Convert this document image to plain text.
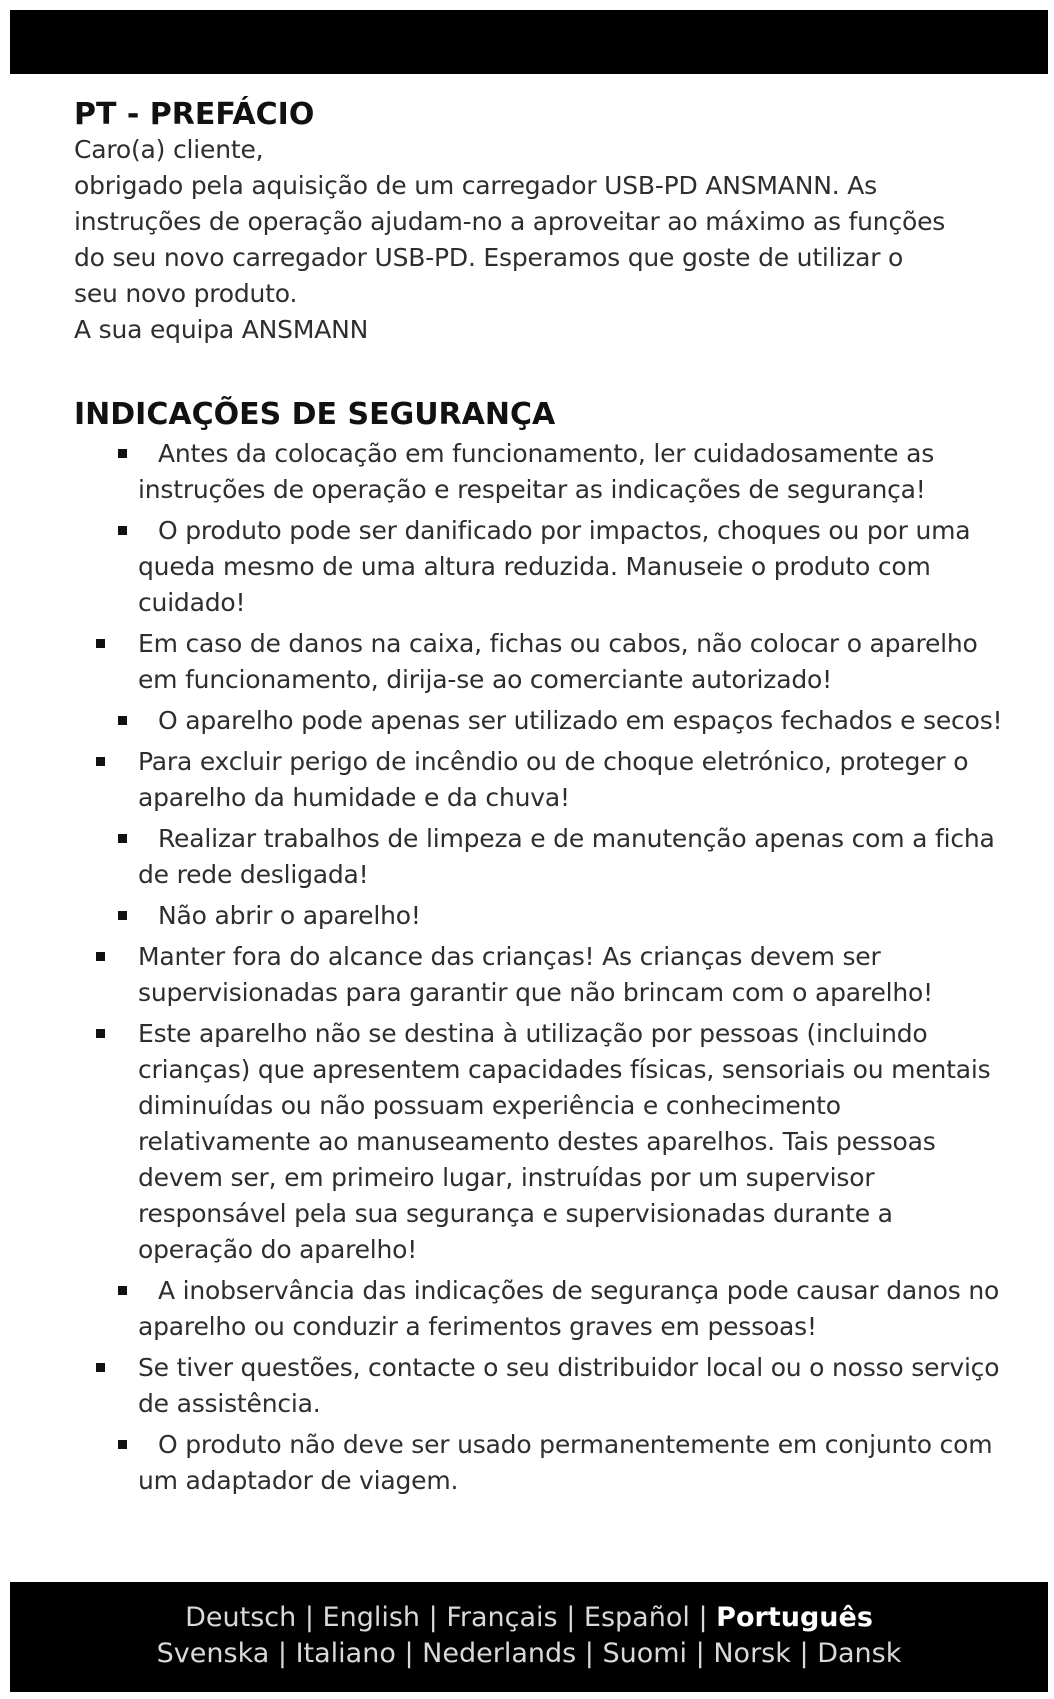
PT - PREFÁCIO

Caro(a) cliente,

obrigado pela aquisição de um carregador USB-PD ANSMANN. As

instruções de operação ajudam-no a aproveitar ao máximo as funções

do seu novo carregador USB-PD. Esperamos que goste de utilizar o

seu novo produto.

A sua equipa ANSMANN

INDICAÇÕES DE SEGURANÇA
Antes da colocação em funcionamento, ler cuidadosamente as instruções de operação e respeitar as indicações de segurança!
O produto pode ser danificado por impactos, choques ou por uma queda mesmo de uma altura reduzida. Manuseie o produto com cuidado!
Em caso de danos na caixa, fichas ou cabos, não colocar o aparelho em funcionamento, dirija-se ao comerciante autorizado!
O aparelho pode apenas ser utilizado em espaços fechados e secos!
Para excluir perigo de incêndio ou de choque eletrónico, proteger o aparelho da humidade e da chuva!
Realizar trabalhos de limpeza e de manutenção apenas com a ficha de rede desligada!
Não abrir o aparelho!
Manter fora do alcance das crianças! As crianças devem ser supervisionadas para garantir que não brincam com o aparelho!
Este aparelho não se destina à utilização por pessoas (incluindo crianças) que apresentem capacidades físicas, sensoriais ou mentais diminuídas ou não possuam experiência e conhecimento relativamente ao manuseamento destes aparelhos. Tais pessoas devem ser, em primeiro lugar, instruídas por um supervisor responsável pela sua segurança e supervisionadas durante a operação do aparelho!
A inobservância das indicações de segurança pode causar danos no aparelho ou conduzir a ferimentos graves em pessoas!
Se tiver questões, contacte o seu distribuidor local ou o nosso serviço de assistência.
O produto não deve ser usado permanentemente em conjunto com um adaptador de viagem.
Deutsch | English | Français | Español | Português
Svenska | Italiano | Nederlands | Suomi | Norsk | Dansk
